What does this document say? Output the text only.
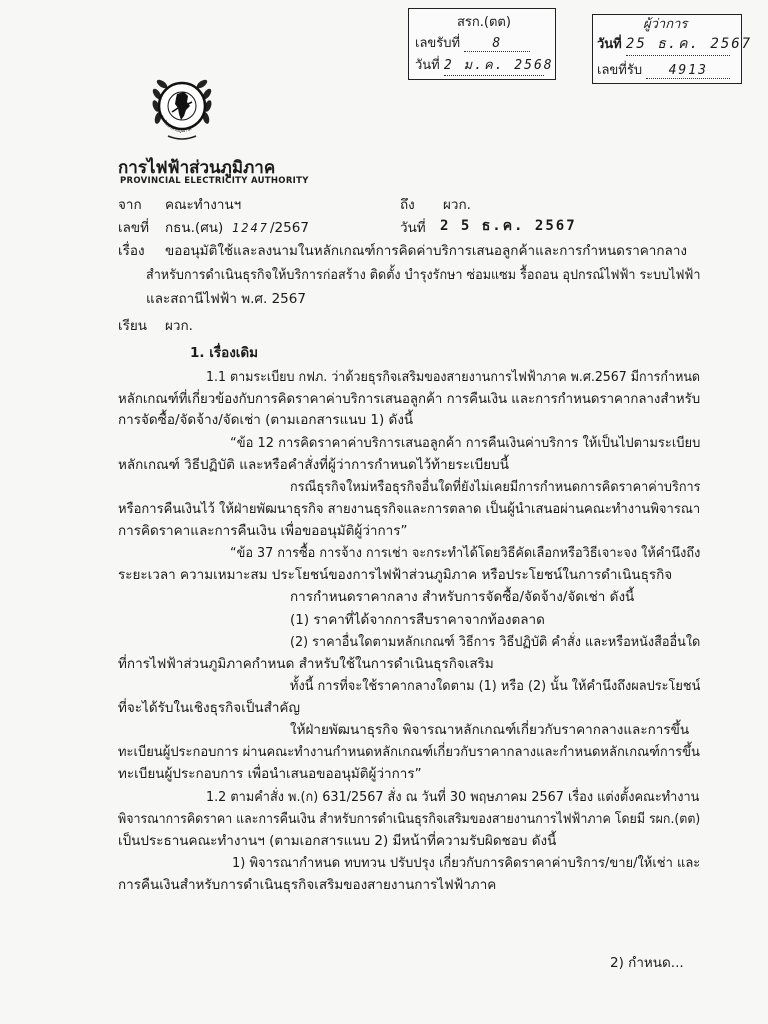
สรก.(ตต)
เลขรับที่ 8
วันที่ 2 ม.ค. 2568
ผู้ว่าการ
วันที่ 25 ธ.ค. 2567
เลขที่รับ 4913
การไฟฟ้าส่วนภูมิภาค
การไฟฟ้าส่วนภูมิภาค
PROVINCIAL ELECTRICITY AUTHORITY
จาก คณะทำงานฯ	ถึง ผวก.
เลขที่ กธน.(ศน) 1247 /2567	วันที่ 2 5 ธ.ค. 2567
เรื่อง ขออนุมัติใช้และลงนามในหลักเกณฑ์การคิดค่าบริการเสนอลูกค้าและการกำหนดราคากลาง
สำหรับการดำเนินธุรกิจให้บริการก่อสร้าง ติดตั้ง บำรุงรักษา ซ่อมแซม รื้อถอน อุปกรณ์ไฟฟ้า ระบบไฟฟ้า
และสถานีไฟฟ้า พ.ศ. 2567
เรียน ผวก.
1. เรื่องเดิม
1.1 ตามระเบียบ กฟภ. ว่าด้วยธุรกิจเสริมของสายงานการไฟฟ้าภาค พ.ศ.2567 มีการกำหนด
หลักเกณฑ์ที่เกี่ยวข้องกับการคิดราคาค่าบริการเสนอลูกค้า การคืนเงิน และการกำหนดราคากลางสำหรับ
การจัดซื้อ/จัดจ้าง/จัดเช่า (ตามเอกสารแนบ 1) ดังนี้
“ข้อ 12 การคิดราคาค่าบริการเสนอลูกค้า การคืนเงินค่าบริการ ให้เป็นไปตามระเบียบ
หลักเกณฑ์ วิธีปฏิบัติ และหรือคำสั่งที่ผู้ว่าการกำหนดไว้ท้ายระเบียบนี้
กรณีธุรกิจใหม่หรือธุรกิจอื่นใดที่ยังไม่เคยมีการกำหนดการคิดราคาค่าบริการ
หรือการคืนเงินไว้ ให้ฝ่ายพัฒนาธุรกิจ สายงานธุรกิจและการตลาด เป็นผู้นำเสนอผ่านคณะทำงานพิจารณา
การคิดราคาและการคืนเงิน เพื่อขออนุมัติผู้ว่าการ”
“ข้อ 37 การซื้อ การจ้าง การเช่า จะกระทำได้โดยวิธีคัดเลือกหรือวิธีเจาะจง ให้คำนึงถึง
ระยะเวลา ความเหมาะสม ประโยชน์ของการไฟฟ้าส่วนภูมิภาค หรือประโยชน์ในการดำเนินธุรกิจ
การกำหนดราคากลาง สำหรับการจัดซื้อ/จัดจ้าง/จัดเช่า ดังนี้
(1) ราคาที่ได้จากการสืบราคาจากท้องตลาด
(2) ราคาอื่นใดตามหลักเกณฑ์ วิธีการ วิธีปฏิบัติ คำสั่ง และหรือหนังสืออื่นใด
ที่การไฟฟ้าส่วนภูมิภาคกำหนด สำหรับใช้ในการดำเนินธุรกิจเสริม
ทั้งนี้ การที่จะใช้ราคากลางใดตาม (1) หรือ (2) นั้น ให้คำนึงถึงผลประโยชน์
ที่จะได้รับในเชิงธุรกิจเป็นสำคัญ
ให้ฝ่ายพัฒนาธุรกิจ พิจารณาหลักเกณฑ์เกี่ยวกับราคากลางและการขึ้น
ทะเบียนผู้ประกอบการ ผ่านคณะทำงานกำหนดหลักเกณฑ์เกี่ยวกับราคากลางและกำหนดหลักเกณฑ์การขึ้น
ทะเบียนผู้ประกอบการ เพื่อนำเสนอขออนุมัติผู้ว่าการ”
1.2 ตามคำสั่ง พ.(ก) 631/2567 สั่ง ณ วันที่ 30 พฤษภาคม 2567 เรื่อง แต่งตั้งคณะทำงาน
พิจารณาการคิดราคา และการคืนเงิน สำหรับการดำเนินธุรกิจเสริมของสายงานการไฟฟ้าภาค โดยมี รผก.(ตต)
เป็นประธานคณะทำงานฯ (ตามเอกสารแนบ 2) มีหน้าที่ความรับผิดชอบ ดังนี้
1) พิจารณากำหนด ทบทวน ปรับปรุง เกี่ยวกับการคิดราคาค่าบริการ/ขาย/ให้เช่า และ
การคืนเงินสำหรับการดำเนินธุรกิจเสริมของสายงานการไฟฟ้าภาค
2) กำหนด...
